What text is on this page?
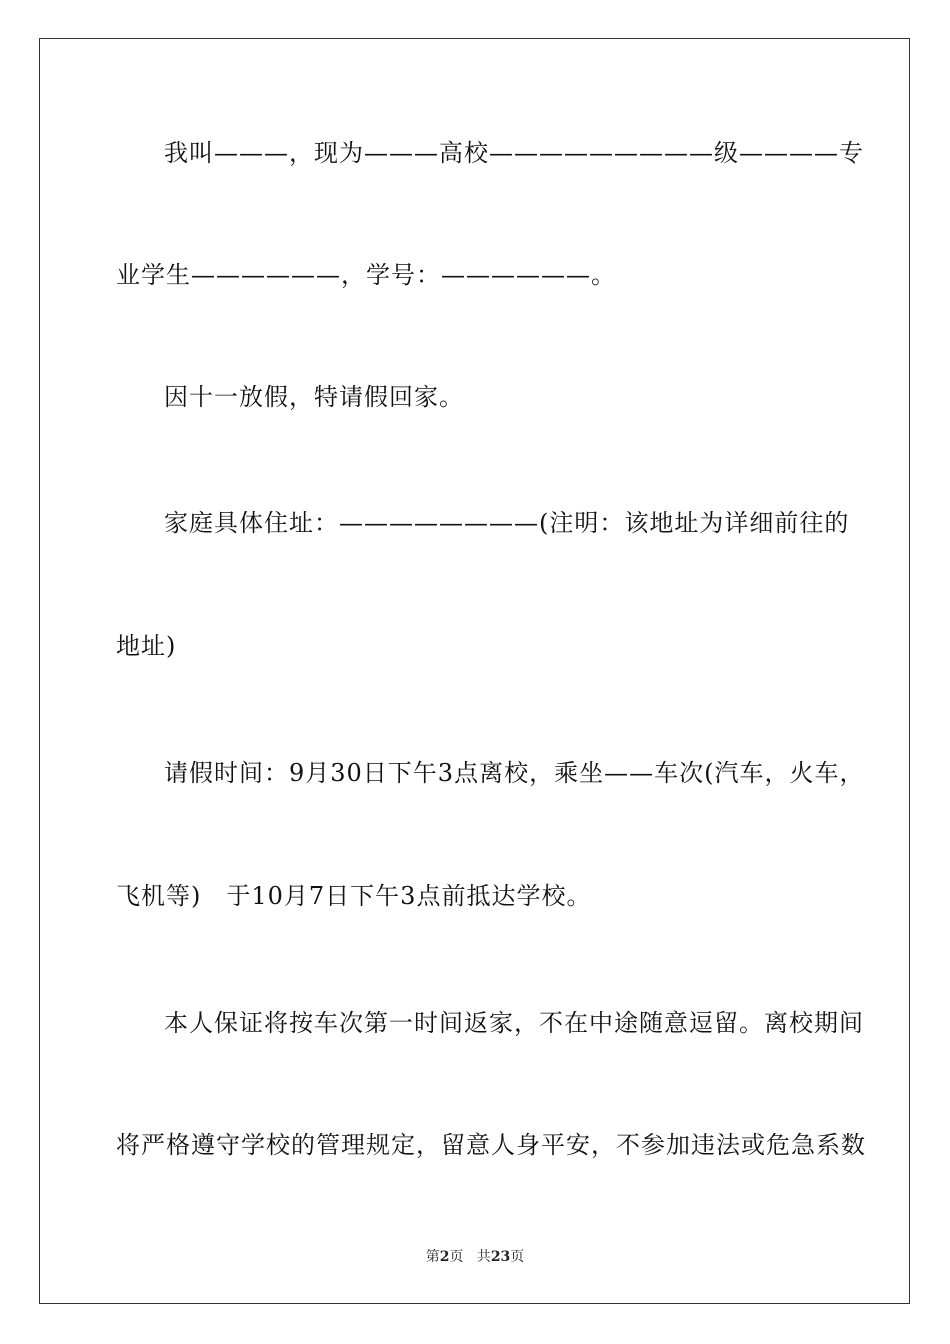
我叫———，现为———高校—————————级————专
业学生——————，学号：——————。
因十一放假，特请假回家。
家庭具体住址：————————(注明：该地址为详细前往的
地址)
请假时间：9月30日下午3点离校，乘坐——车次(汽车，火车，
飞机等)　于10月7日下午3点前抵达学校。
本人保证将按车次第一时间返家，不在中途随意逗留。离校期间
将严格遵守学校的管理规定，留意人身平安，不参加违法或危急系数
第2页 共23页
